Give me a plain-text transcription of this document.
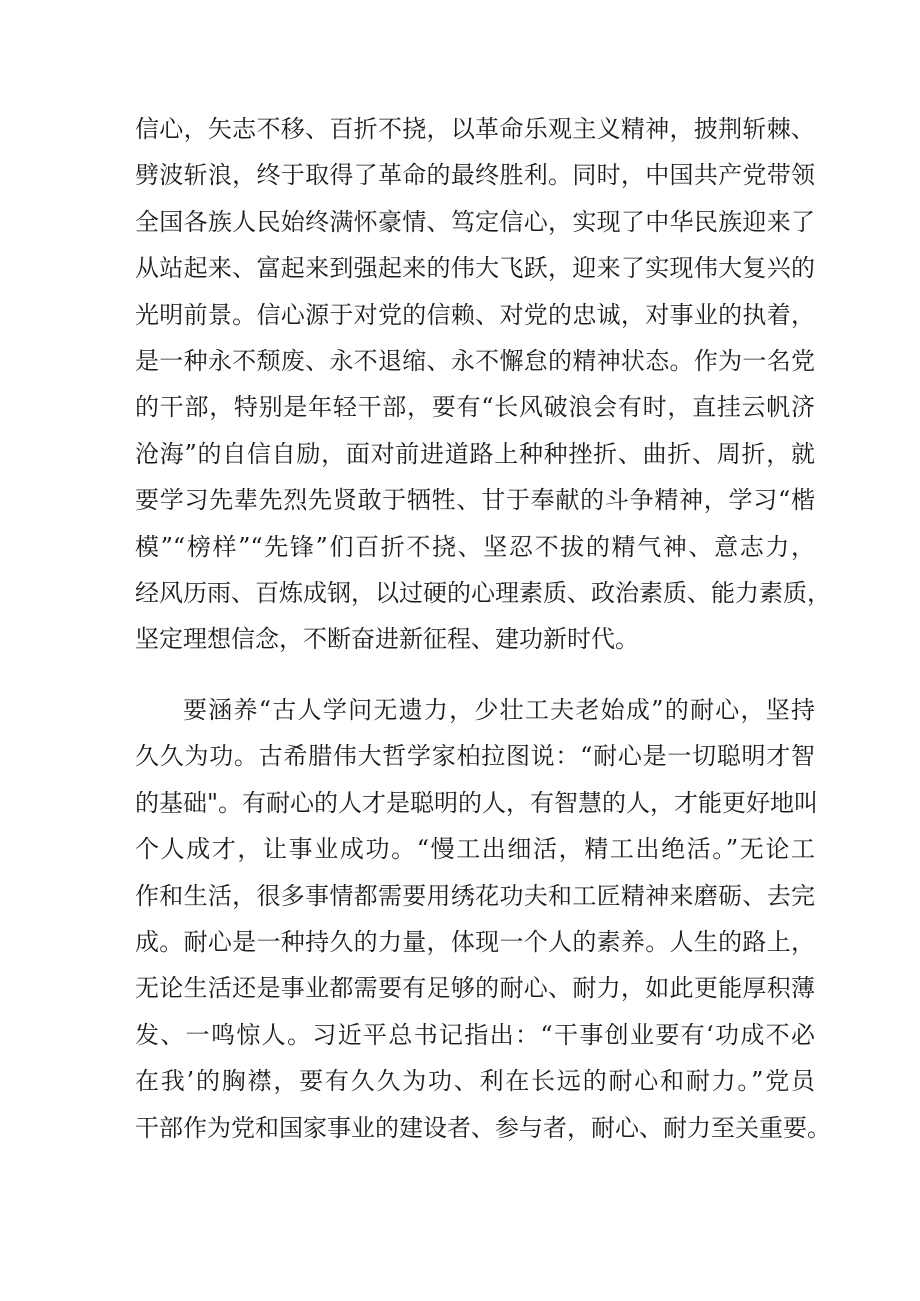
信心，矢志不移、百折不挠，以革命乐观主义精神，披荆斩棘、
劈波斩浪，终于取得了革命的最终胜利。同时，中国共产党带领
全国各族人民始终满怀豪情、笃定信心，实现了中华民族迎来了
从站起来、富起来到强起来的伟大飞跃，迎来了实现伟大复兴的
光明前景。信心源于对党的信赖、对党的忠诚，对事业的执着，
是一种永不颓废、永不退缩、永不懈怠的精神状态。作为一名党
的干部，特别是年轻干部，要有“长风破浪会有时，直挂云帆济
沧海”的自信自励，面对前进道路上种种挫折、曲折、周折，就
要学习先辈先烈先贤敢于牺牲、甘于奉献的斗争精神，学习“楷
模”“榜样”“先锋”们百折不挠、坚忍不拔的精气神、意志力，
经风历雨、百炼成钢，以过硬的心理素质、政治素质、能力素质，
坚定理想信念，不断奋进新征程、建功新时代。
要涵养“古人学问无遗力，少壮工夫老始成”的耐心，坚持
久久为功。古希腊伟大哲学家柏拉图说：“耐心是一切聪明才智
的基础"。有耐心的人才是聪明的人，有智慧的人，才能更好地叫
个人成才，让事业成功。“慢工出细活，精工出绝活。”无论工
作和生活，很多事情都需要用绣花功夫和工匠精神来磨砺、去完
成。耐心是一种持久的力量，体现一个人的素养。人生的路上，
无论生活还是事业都需要有足够的耐心、耐力，如此更能厚积薄
发、一鸣惊人。习近平总书记指出：“干事创业要有‘功成不必
在我’的胸襟，要有久久为功、利在长远的耐心和耐力。”党员
干部作为党和国家事业的建设者、参与者，耐心、耐力至关重要。
